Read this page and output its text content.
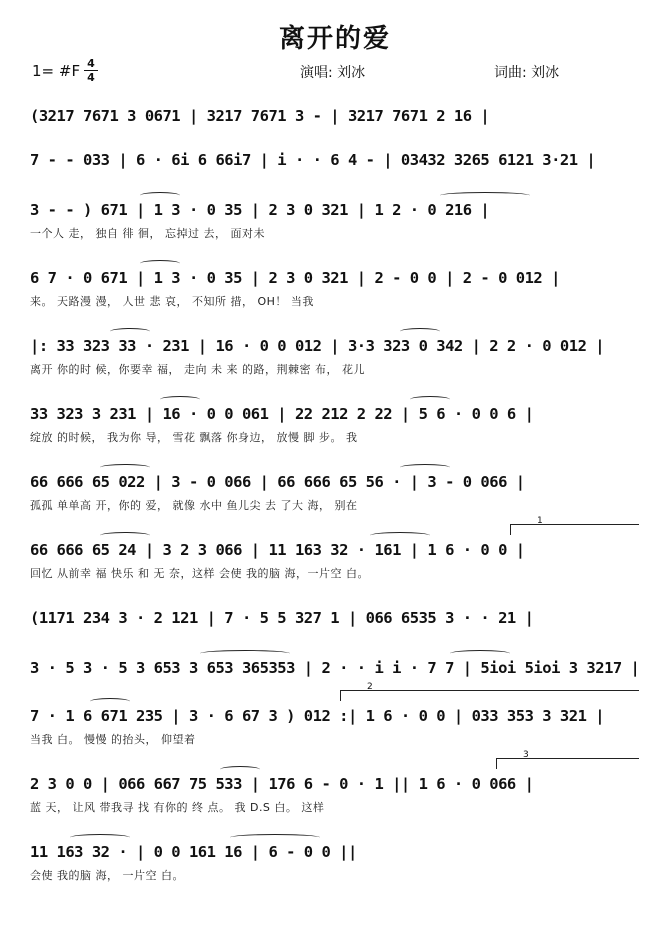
离开的爱
1= #F 4
4	演唱: 刘冰	词曲: 刘冰
(3217 7671 3 0671 | 3217 7671 3 - | 3217 7671 2 16 |
7 - - 033 | 6 · 6i 6 66i7 | i · · 6 4 - | 03432 3265 6121 3·21 |
3 - - ) 671 | 1 3 · 0 35 | 2 3 0 321 | 1 2 · 0 216 |
一个人 走， 独自 徘 徊， 忘掉过 去， 面对未
6 7 · 0 671 | 1 3 · 0 35 | 2 3 0 321 | 2 - 0 0 | 2 - 0 012 |
来。 天路漫 漫， 人世 悲 哀， 不知所 措， OH！ 当我
|: 33 323 33 · 231 | 16 · 0 0 012 | 3·3 323 0 342 | 2 2 · 0 012 |
离开 你的时 候，你要幸 福， 走向 未 来 的路，荆棘密 布， 花儿
33 323 3 231 | 16 · 0 0 061 | 22 212 2 22 | 5 6 · 0 0 6 |
绽放 的时候， 我为你 导， 雪花 飘落 你身边， 放慢 脚 步。 我
66 666 65 022 | 3 - 0 066 | 66 666 65 56 · | 3 - 0 066 |
孤孤 单单高 开，你的 爱， 就像 水中 鱼儿尖 去 了大 海， 别在
1
66 666 65 24 | 3 2 3 066 | 11 163 32 · 161 | 1 6 · 0 0 |
回忆 从前幸 福 快乐 和 无 奈，这样 会使 我的脑 海，一片空 白。
(1171 234 3 · 2 121 | 7 · 5 5 327 1 | 066 6535 3 · · 21 |
3 · 5 3 · 5 3 653 3 653 365353 | 2 · · i i · 7 7 | 5ioi 5ioi 3 3217 |
2
7 · 1 6 671 235 | 3 · 6 67 3 ) 012 :| 1 6 · 0 0 | 033 353 3 321 |
当我 白。 慢慢 的抬头， 仰望着
3
2 3 0 0 | 066 667 75 533 | 176 6 - 0 · 1 || 1 6 · 0 066 |
蓝 天， 让风 带我寻 找 有你的 终 点。 我 D.S 白。 这样
11 163 32 · | 0 0 161 16 | 6 - 0 0 ||
会使 我的脑 海， 一片空 白。
